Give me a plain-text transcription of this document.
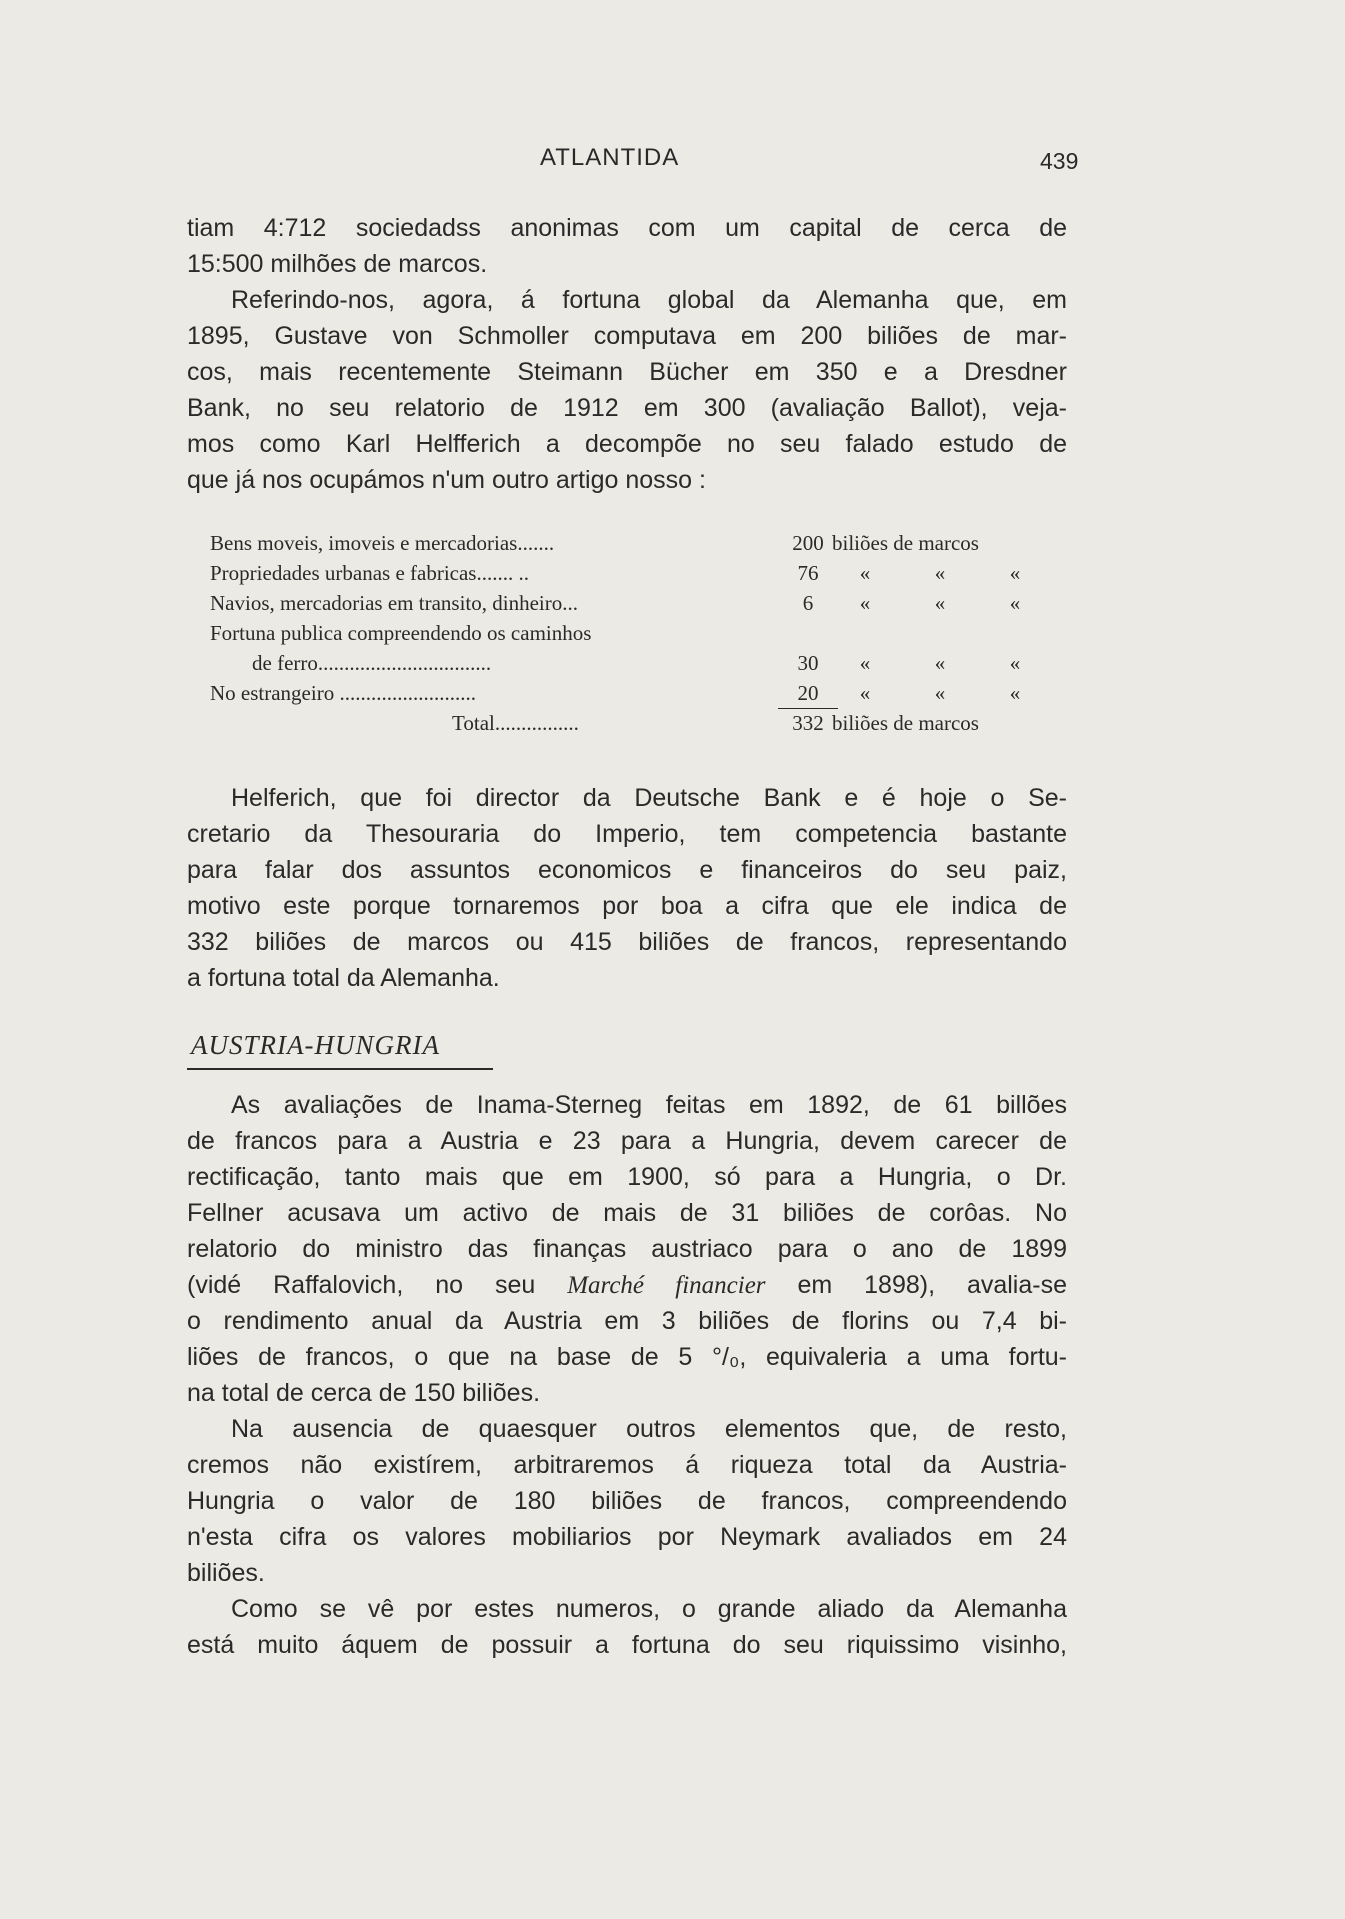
ATLANTIDA	439
tiam 4:712 sociedadss anonimas com um capital de cerca de
15:500 milhões de marcos.
Referindo-nos, agora, á fortuna global da Alemanha que, em
1895, Gustave von Schmoller computava em 200 biliões de mar-
cos, mais recentemente Steimann Bücher em 350 e a Dresdner
Bank, no seu relatorio de 1912 em 300 (avaliação Ballot), veja-
mos como Karl Helfferich a decompõe no seu falado estudo de
que já nos ocupámos n'um outro artigo nosso :
Bens moveis, imoveis e mercadorias.......	200 biliões de marcos
Propriedades urbanas e fabricas....... ..	76	«	«	«
Navios, mercadorias em transito, dinheiro...	6	«	«	«
Fortuna publica compreendendo os caminhos
de ferro.................................	30	«	«	«
No estrangeiro ..........................	20	«	«	«
Total................	332 biliões de marcos
Helferich, que foi director da Deutsche Bank e é hoje o Se-
cretario da Thesouraria do Imperio, tem competencia bastante
para falar dos assuntos economicos e financeiros do seu paiz,
motivo este porque tornaremos por boa a cifra que ele indica de
332 biliões de marcos ou 415 biliões de francos, representando
a fortuna total da Alemanha.
AUSTRIA-HUNGRIA
As avaliações de Inama-Sterneg feitas em 1892, de 61 billões
de francos para a Austria e 23 para a Hungria, devem carecer de
rectificação, tanto mais que em 1900, só para a Hungria, o Dr.
Fellner acusava um activo de mais de 31 biliões de corôas. No
relatorio do ministro das finanças austriaco para o ano de 1899
(vidé Raffalovich, no seu Marché financier em 1898), avalia-se
o rendimento anual da Austria em 3 biliões de florins ou 7,4 bi-
liões de francos, o que na base de 5 °/₀, equivaleria a uma fortu-
na total de cerca de 150 biliões.
Na ausencia de quaesquer outros elementos que, de resto,
cremos não existírem, arbitraremos á riqueza total da Austria-
Hungria o valor de 180 biliões de francos, compreendendo
n'esta cifra os valores mobiliarios por Neymark avaliados em 24
biliões.
Como se vê por estes numeros, o grande aliado da Alemanha
está muito áquem de possuir a fortuna do seu riquissimo visinho,
